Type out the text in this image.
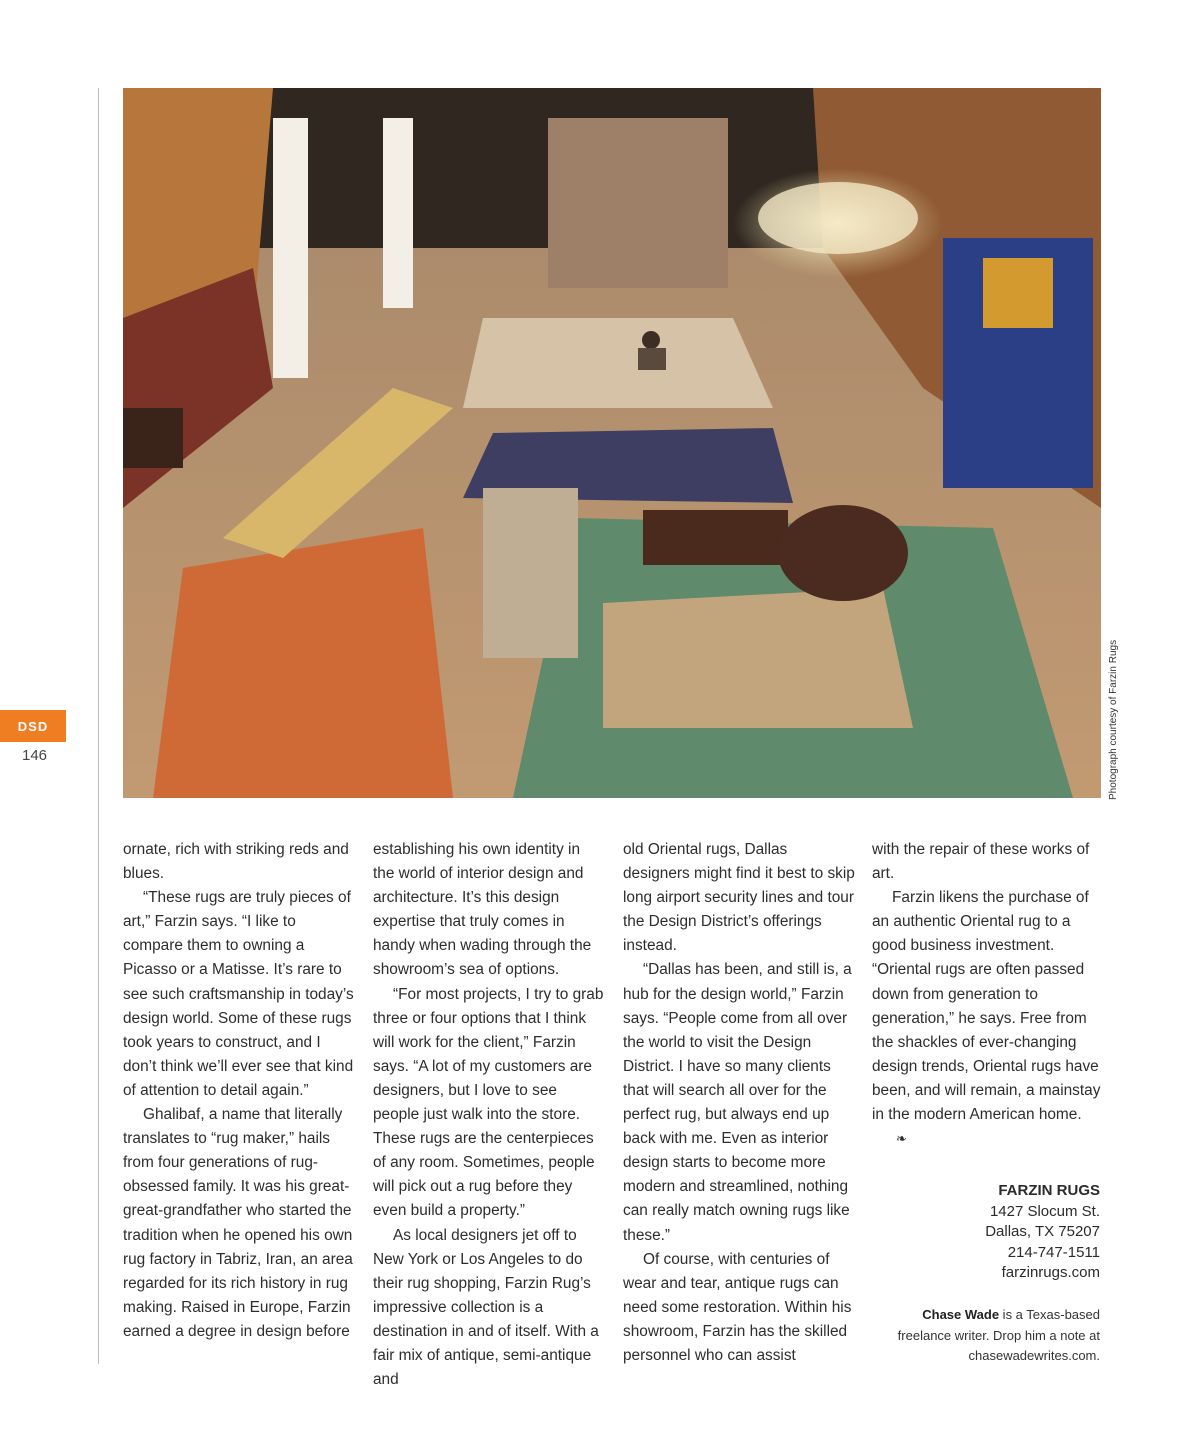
DSD
146	Photograph courtesy of Farzin Rugs

ornate, rich with striking reds and blues.

“These rugs are truly pieces of art,” Farzin says. “I like to compare them to owning a Picasso or a Matisse. It’s rare to see such craftsmanship in today’s design world. Some of these rugs took years to construct, and I don’t think we’ll ever see that kind of attention to detail again.”

Ghalibaf, a name that literally translates to “rug maker,” hails from four generations of rug-obsessed family. It was his great-great-grandfather who started the tradition when he opened his own rug factory in Tabriz, Iran, an area regarded for its rich history in rug making. Raised in Europe, Farzin earned a degree in design before

establishing his own identity in the world of interior design and architecture. It’s this design expertise that truly comes in handy when wading through the showroom’s sea of options.

“For most projects, I try to grab three or four options that I think will work for the client,” Farzin says. “A lot of my customers are designers, but I love to see people just walk into the store. These rugs are the centerpieces of any room. Sometimes, people will pick out a rug before they even build a property.”

As local designers jet off to New York or Los Angeles to do their rug shopping, Farzin Rug’s impressive collection is a destination in and of itself. With a fair mix of antique, semi-antique and

old Oriental rugs, Dallas designers might find it best to skip long airport security lines and tour the Design District’s offerings instead.

“Dallas has been, and still is, a hub for the design world,” Farzin says. “People come from all over the world to visit the Design District. I have so many clients that will search all over for the perfect rug, but always end up back with me. Even as interior design starts to become more modern and streamlined, nothing can really match owning rugs like these.”

Of course, with centuries of wear and tear, antique rugs can need some restoration. Within his showroom, Farzin has the skilled personnel who can assist

with the repair of these works of art.

Farzin likens the purchase of an authentic Oriental rug to a good business investment. “Oriental rugs are often passed down from generation to generation,” he says. Free from the shackles of ever-changing design trends, Oriental rugs have been, and will remain, a mainstay in the modern American home.❧

FARZIN RUGS
1427 Slocum St.
Dallas, TX 75207
214-747-1511
farzinrugs.com
Chase Wade is a Texas-based
freelance writer. Drop him a note at
chasewadewrites.com.
